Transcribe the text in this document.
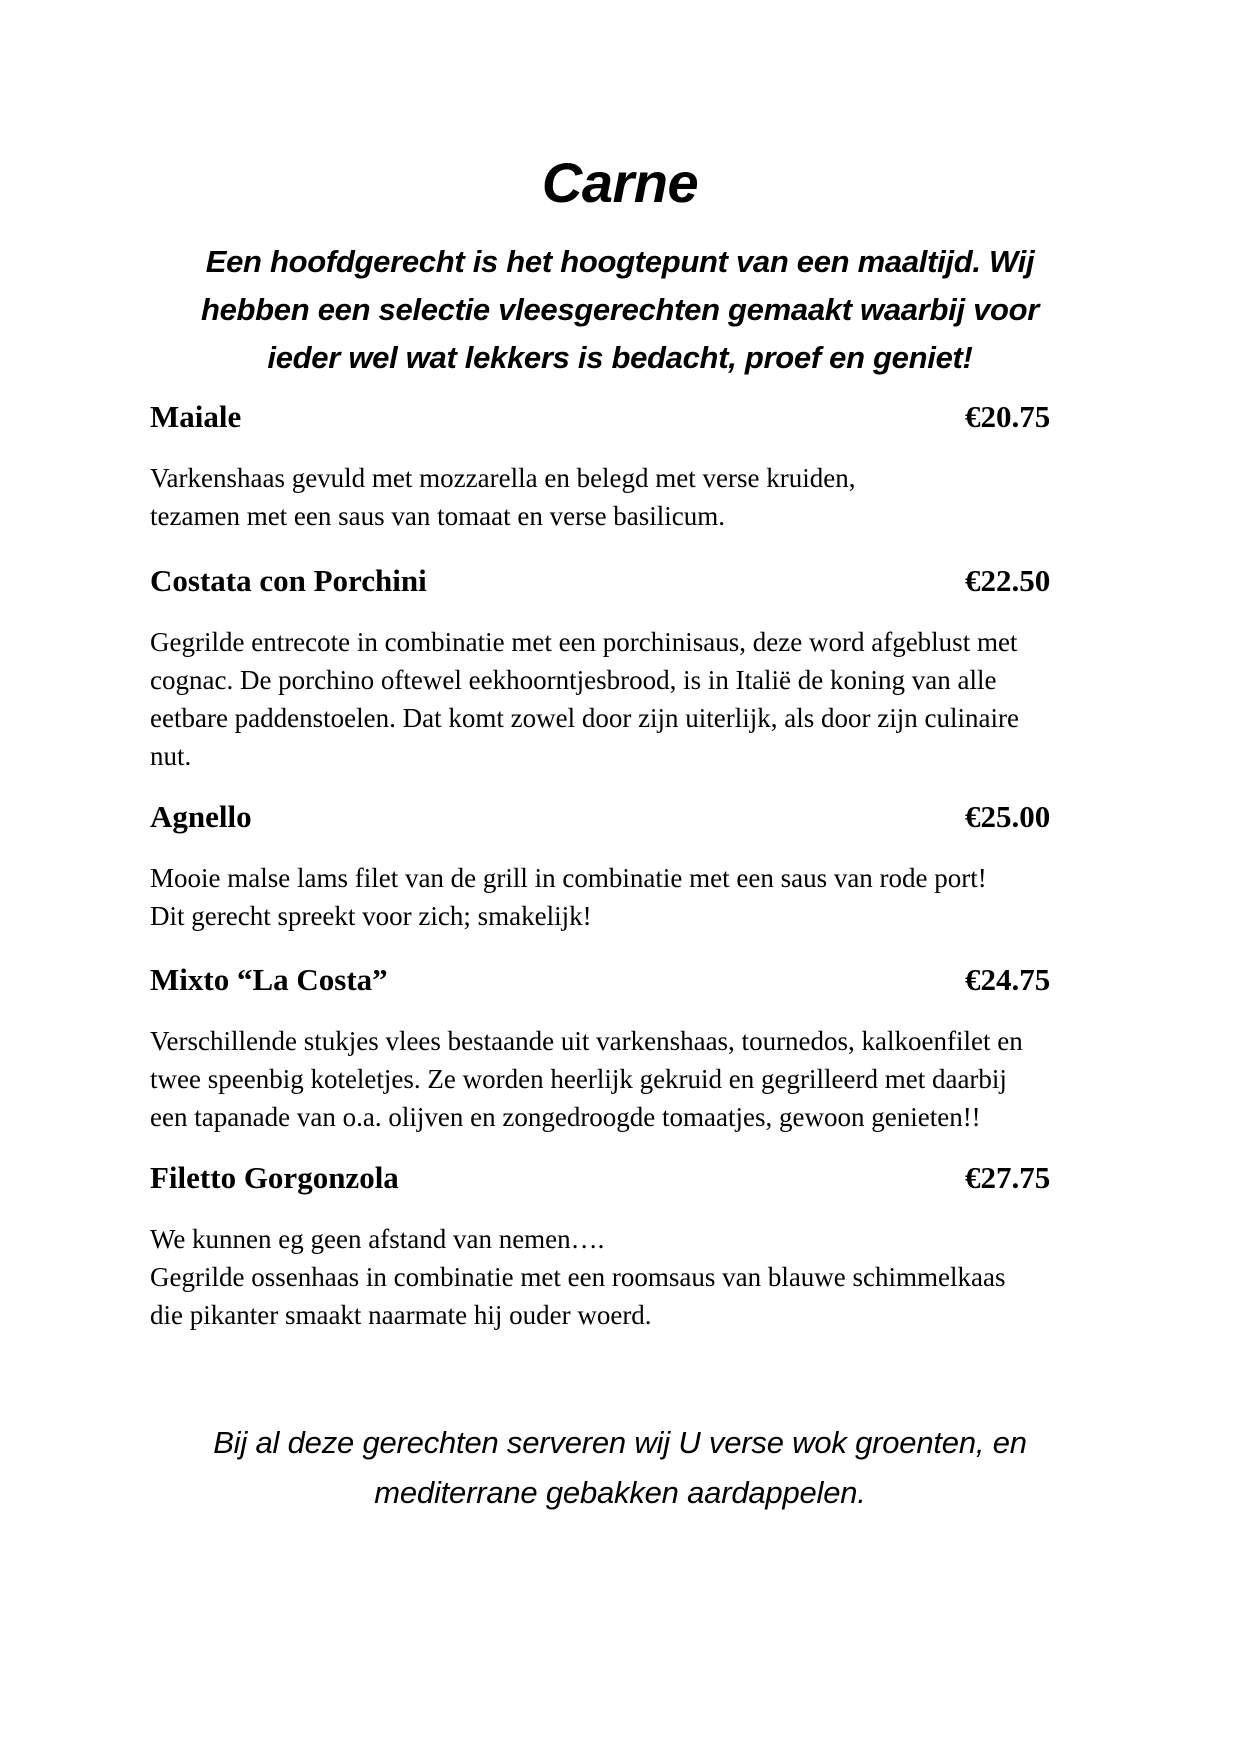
Carne
Een hoofdgerecht is het hoogtepunt van een maaltijd. Wij
hebben een selectie vleesgerechten gemaakt waarbij voor
ieder wel wat lekkers is bedacht, proef en geniet!
Maiale	€20.75
Varkenshaas gevuld met mozzarella en belegd met verse kruiden,
tezamen met een saus van tomaat en verse basilicum.
Costata con Porchini	€22.50
Gegrilde entrecote in combinatie met een porchinisaus, deze word afgeblust met
cognac. De porchino oftewel eekhoorntjesbrood, is in Italië de koning van alle
eetbare paddenstoelen. Dat komt zowel door zijn uiterlijk, als door zijn culinaire
nut.
Agnello	€25.00
Mooie malse lams filet van de grill in combinatie met een saus van rode port!
Dit gerecht spreekt voor zich; smakelijk!
Mixto “La Costa”	€24.75
Verschillende stukjes vlees bestaande uit varkenshaas, tournedos, kalkoenfilet en
twee speenbig koteletjes. Ze worden heerlijk gekruid en gegrilleerd met daarbij
een tapanade van o.a. olijven en zongedroogde tomaatjes, gewoon genieten!!
Filetto Gorgonzola	€27.75
We kunnen eg geen afstand van nemen….
Gegrilde ossenhaas in combinatie met een roomsaus van blauwe schimmelkaas
die pikanter smaakt naarmate hij ouder woerd.
Bij al deze gerechten serveren wij U verse wok groenten, en
mediterrane gebakken aardappelen.
